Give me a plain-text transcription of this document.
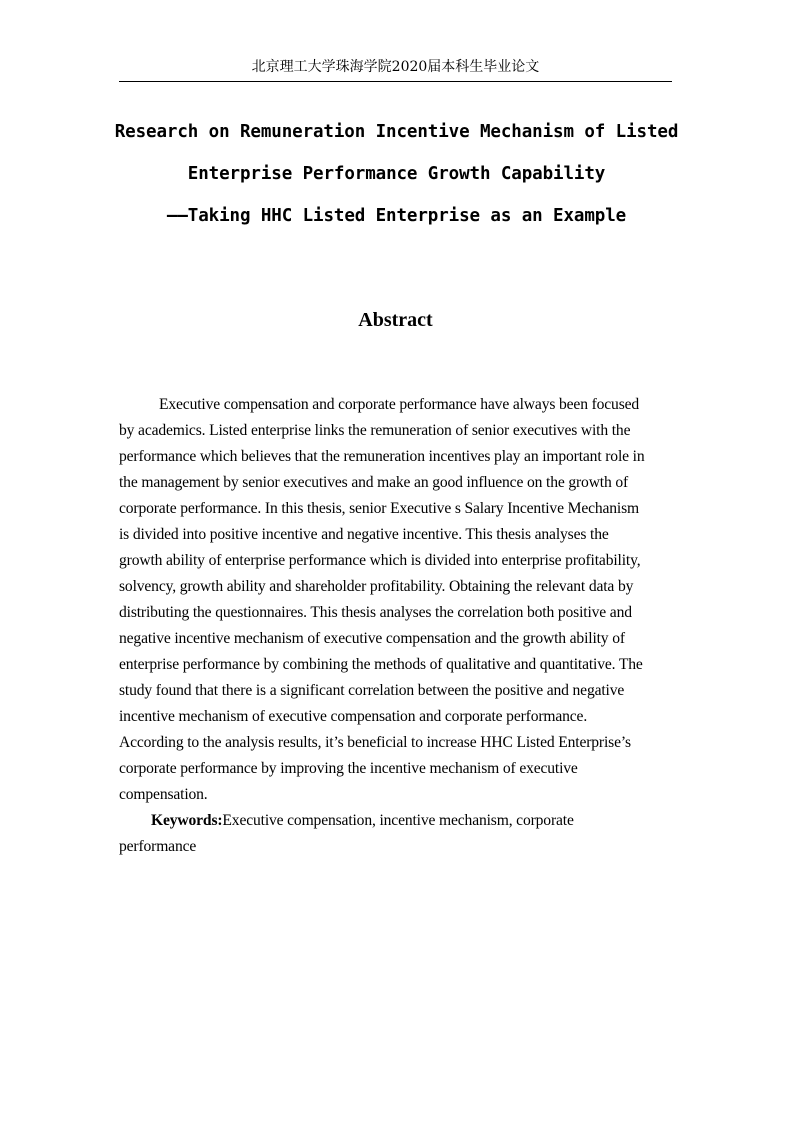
北京理工大学珠海学院2020届本科生毕业论文
Research on Remuneration Incentive Mechanism of Listed
Enterprise Performance Growth Capability
——Taking HHC Listed Enterprise as an Example
Abstract
Executive compensation and corporate performance have always been focused
by academics. Listed enterprise links the remuneration of senior executives with the
performance which believes that the remuneration incentives play an important role in
the management by senior executives and make an good influence on the growth of
corporate performance. In this thesis, senior Executive s Salary Incentive Mechanism
is divided into positive incentive and negative incentive. This thesis analyses the
growth ability of enterprise performance which is divided into enterprise profitability,
solvency, growth ability and shareholder profitability. Obtaining the relevant data by
distributing the questionnaires. This thesis analyses the correlation both positive and
negative incentive mechanism of executive compensation and the growth ability of
enterprise performance by combining the methods of qualitative and quantitative. The
study found that there is a significant correlation between the positive and negative
incentive mechanism of executive compensation and corporate performance.
According to the analysis results, it’s beneficial to increase HHC Listed Enterprise’s
corporate performance by improving the incentive mechanism of executive
compensation.
Keywords:Executive compensation, incentive mechanism, corporate
performance
